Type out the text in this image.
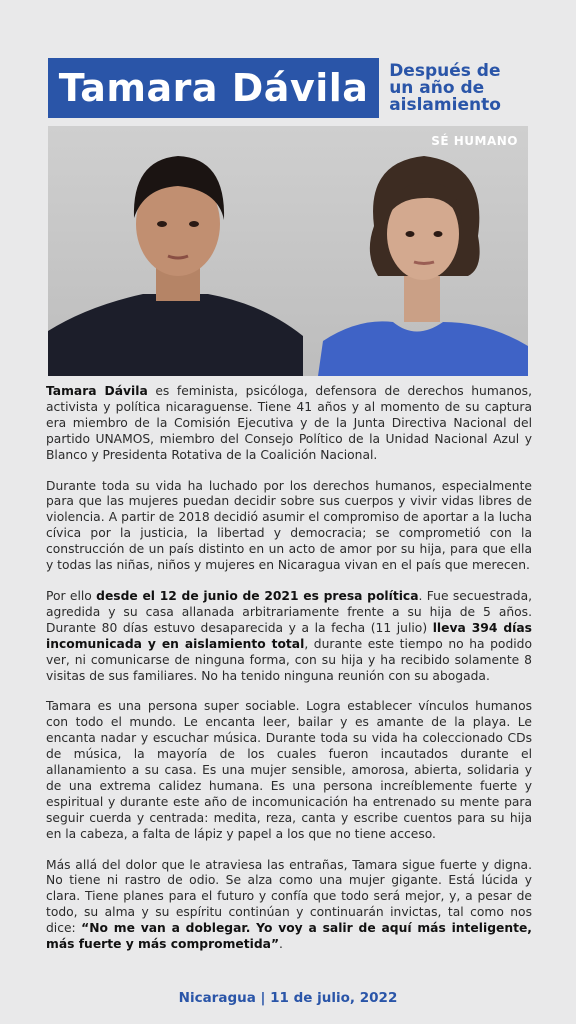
Tamara Dávila	Después de
un año de
aislamiento
SÉ HUMANO

Tamara Dávila es feminista, psicóloga, defensora de derechos humanos, activista y política nicaraguense. Tiene 41 años y al momento de su captura era miembro de la Comisión Ejecutiva y de la Junta Directiva Nacional del partido UNAMOS, miembro del Consejo Político de la Unidad Nacional Azul y Blanco y Presidenta Rotativa de la Coalición Nacional.

Durante toda su vida ha luchado por los derechos humanos, especialmente para que las mujeres puedan decidir sobre sus cuerpos y vivir vidas libres de violencia. A partir de 2018 decidió asumir el compromiso de aportar a la lucha cívica por la justicia, la libertad y democracia; se comprometió con la construcción de un país distinto en un acto de amor por su hija, para que ella y todas las niñas, niños y mujeres en Nicaragua vivan en el país que merecen.

Por ello desde el 12 de junio de 2021 es presa política. Fue secuestrada, agredida y su casa allanada arbitrariamente frente a su hija de 5 años. Durante 80 días estuvo desaparecida y a la fecha (11 julio) lleva 394 días incomunicada y en aislamiento total, durante este tiempo no ha podido ver, ni comunicarse de ninguna forma, con su hija y ha recibido solamente 8 visitas de sus familiares. No ha tenido ninguna reunión con su abogada.

Tamara es una persona super sociable. Logra establecer vínculos humanos con todo el mundo. Le encanta leer, bailar y es amante de la playa. Le encanta nadar y escuchar música. Durante toda su vida ha coleccionado CDs de música, la mayoría de los cuales fueron incautados durante el allanamiento a su casa. Es una mujer sensible, amorosa, abierta, solidaria y de una extrema calidez humana. Es una persona increíblemente fuerte y espiritual y durante este año de incomunicación ha entrenado su mente para seguir cuerda y centrada: medita, reza, canta y escribe cuentos para su hija en la cabeza, a falta de lápiz y papel a los que no tiene acceso.

Más allá del dolor que le atraviesa las entrañas, Tamara sigue fuerte y digna. No tiene ni rastro de odio. Se alza como una mujer gigante. Está lúcida y clara. Tiene planes para el futuro y confía que todo será mejor, y, a pesar de todo, su alma y su espíritu continúan y continuarán invictas, tal como nos dice: “No me van a doblegar. Yo voy a salir de aquí más inteligente, más fuerte y más comprometida”.

Nicaragua | 11 de julio, 2022
